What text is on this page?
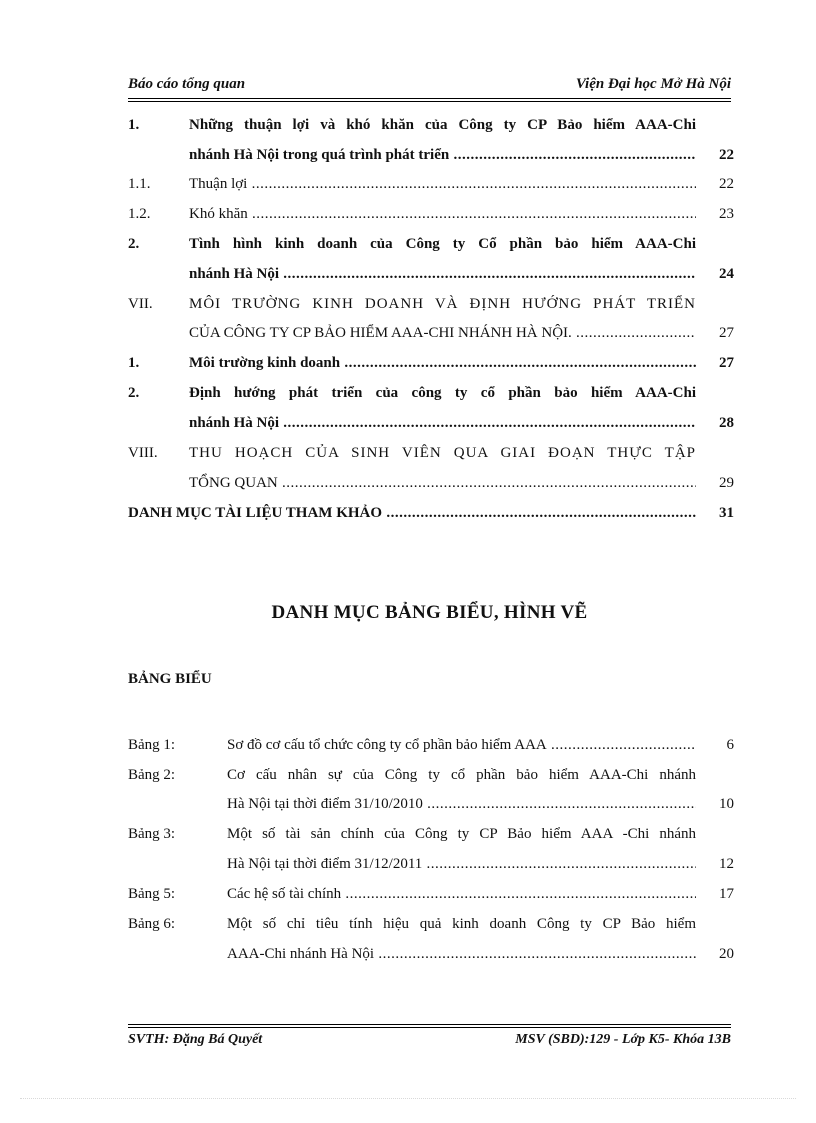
Báo cáo tổng quan	Viện Đại học Mở Hà Nội
1.	Những thuận lợi và khó khăn của Công ty CP Bảo hiểm AAA-Chi
nhánh Hà Nội trong quá trình phát triển .....	22
1.1.	Thuận lợi .....	22
1.2.	Khó khăn .....	23
2.	Tình hình kinh doanh của Công ty Cổ phần bảo hiểm AAA-Chi
nhánh Hà Nội .....	24
VII. MÔI TRƯỜNG KINH DOANH VÀ ĐỊNH HƯỚNG PHÁT TRIỂN
CỦA CÔNG TY CP BẢO HIỂM AAA-CHI NHÁNH HÀ NỘI. .....	27
1.	Môi trường kinh doanh .....	27
2.	Định hướng phát triển của công ty cổ phần bảo hiểm AAA-Chi
nhánh Hà Nội .....	28
VIII. THU HOẠCH CỦA SINH VIÊN QUA GIAI ĐOẠN THỰC TẬP
TỔNG QUAN .....	29
DANH MỤC TÀI LIỆU THAM KHẢO .....	31
DANH MỤC BẢNG BIỂU, HÌNH VẼ
BẢNG BIỂU
Bảng 1:	Sơ đồ cơ cấu tổ chức công ty cổ phần bảo hiểm AAA .....	6
Bảng 2:	Cơ cấu nhân sự của Công ty cổ phần bảo hiểm AAA-Chi nhánh
Hà Nội tại thời điểm 31/10/2010 .....	10
Bảng 3:	Một số tài sản chính của Công ty CP Bảo hiểm AAA -Chi nhánh
Hà Nội tại thời điểm 31/12/2011 .....	12
Bảng 5:	Các hệ số tài chính .....	17
Bảng 6:	Một số chỉ tiêu tính hiệu quả kinh doanh Công ty CP Bảo hiểm
AAA-Chi nhánh Hà Nội .....	20
SVTH: Đặng Bá Quyết	MSV (SBD):129 - Lớp K5- Khóa 13B
